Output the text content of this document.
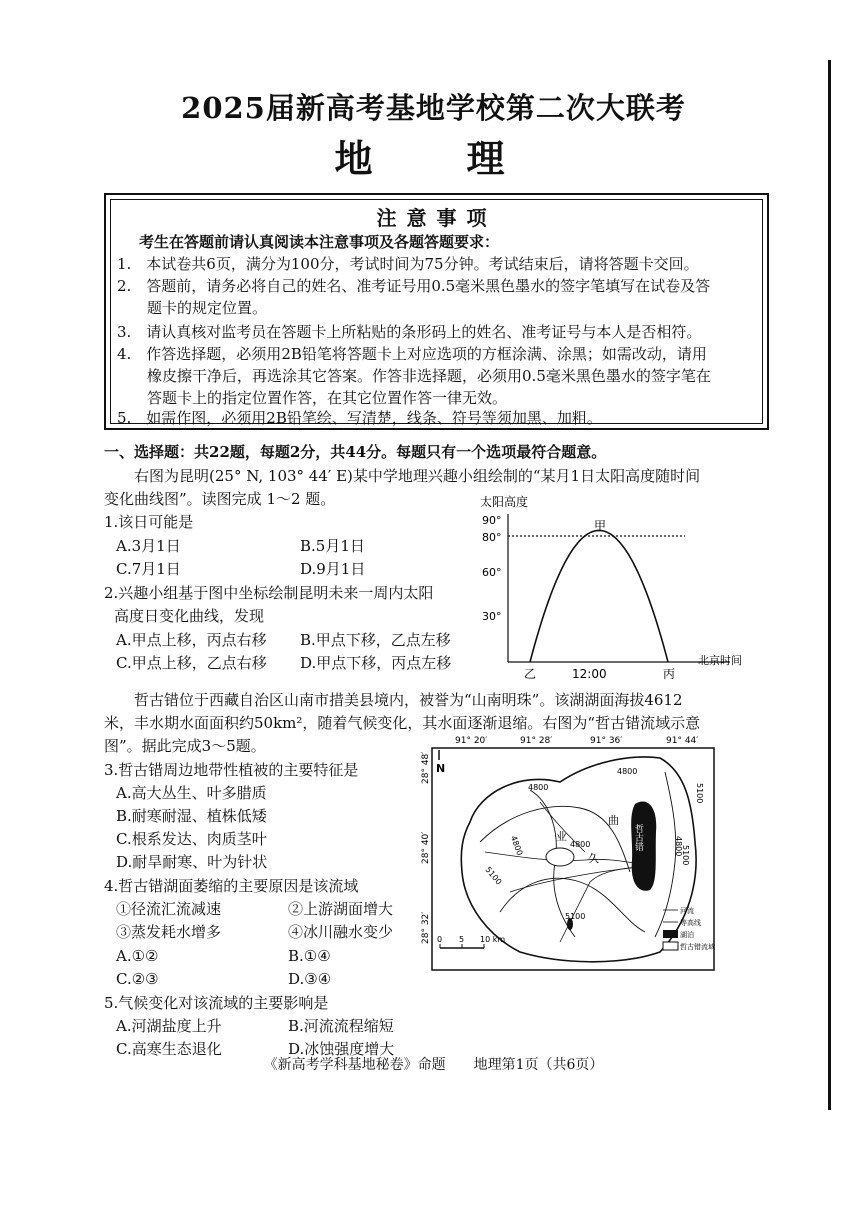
2025届新高考基地学校第二次大联考
地　理
注意事项
考生在答题前请认真阅读本注意事项及各题答题要求：
1.　本试卷共6页，满分为100分，考试时间为75分钟。考试结束后，请将答题卡交回。
2.　答题前，请务必将自己的姓名、准考证号用0.5毫米黑色墨水的签字笔填写在试卷及答
题卡的规定位置。
3.　请认真核对监考员在答题卡上所粘贴的条形码上的姓名、准考证号与本人是否相符。
4.　作答选择题，必须用2B铅笔将答题卡上对应选项的方框涂满、涂黑；如需改动，请用
橡皮擦干净后，再选涂其它答案。作答非选择题，必须用0.5毫米黑色墨水的签字笔在
答题卡上的指定位置作答，在其它位置作答一律无效。
5.　如需作图，必须用2B铅笔绘、写清楚，线条、符号等须加黑、加粗。
一、选择题：共22题，每题2分，共44分。每题只有一个选项最符合题意。
右图为昆明(25° N, 103° 44′ E)某中学地理兴趣小组绘制的“某月1日太阳高度随时间
变化曲线图”。读图完成 1～2 题。
1.该日可能是
A.3月1日	B.5月1日
C.7月1日	D.9月1日
2.兴趣小组基于图中坐标绘制昆明未来一周内太阳
高度日变化曲线，发现
A.甲点上移，丙点右移 B.甲点下移，乙点左移
C.甲点上移，乙点右移 D.甲点下移，丙点左移
太阳高度
90°
80°
60°
30°
甲
乙	12:00	丙
北京时间
哲古错位于西藏自治区山南市措美县境内，被誉为“山南明珠”。该湖湖面海拔4612
米，丰水期水面面积约50km²，随着气候变化，其水面逐渐退缩。右图为“哲古错流域示意
图”。据此完成3～5题。
3.哲古错周边地带性植被的主要特征是
A.高大丛生、叶多腊质
B.耐寒耐湿、植株低矮
C.根系发达、肉质茎叶
D.耐旱耐寒、叶为针状
4.哲古错湖面萎缩的主要原因是该流域
①径流汇流减速	②上游湖面增大
③蒸发耗水增多	④冰川融水变少
A.①②	B.①④
C.②③	D.③④
5.气候变化对该流域的主要影响是
A.河湖盐度上升	B.河流流程缩短
C.高寒生态退化	D.冰蚀强度增大
91° 20′	91° 28′	91° 36′	91° 44′
28° 48′
28° 40′
28° 32′
N
哲古错
4800
4800
5100
4800	4800
5100
4800
5100
5100
业
曲
久
0 5 10 km
河流
等高线
湖泊
哲古错流域
《新高考学科基地秘卷》命题　　地理第1页（共6页）
